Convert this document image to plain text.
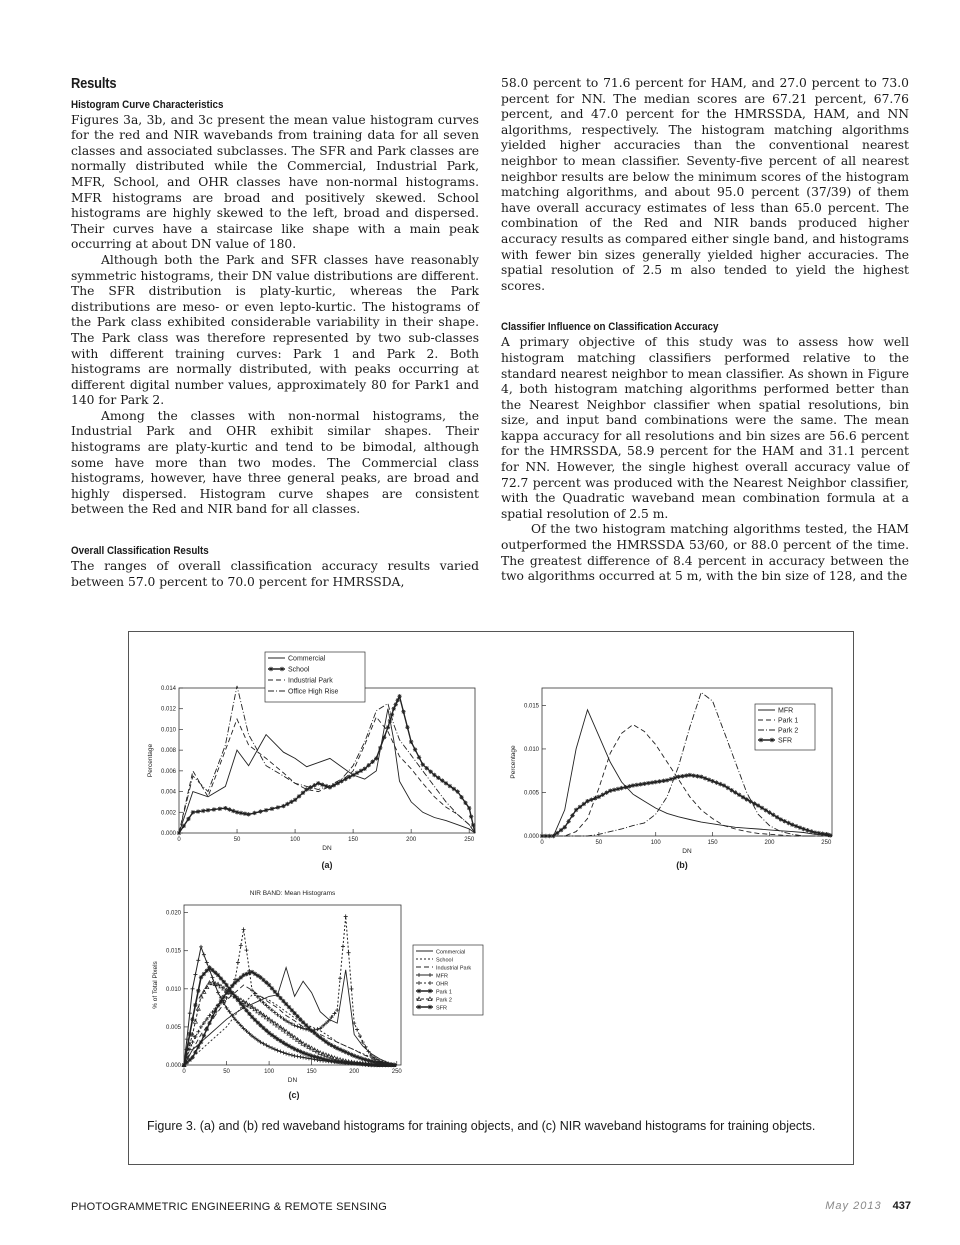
Results
Histogram Curve Characteristics

Figures 3a, 3b, and 3c present the mean value histogram curves for the red and NIR wavebands from training data for all seven classes and associated subclasses. The SFR and Park classes are normally distributed while the Commercial, Industrial Park, MFR, School, and OHR classes have non-normal histograms. MFR histograms are broad and positively skewed. School histograms are highly skewed to the left, broad and dispersed. Their curves have a staircase like shape with a main peak occurring at about DN value of 180.

Although both the Park and SFR classes have reasonably symmetric histograms, their DN value distributions are different. The SFR distribution is platy-kurtic, whereas the Park distributions are meso- or even lepto-kurtic. The histograms of the Park class exhibited considerable variability in their shape. The Park class was therefore represented by two sub-classes with different training curves: Park 1 and Park 2. Both histograms are normally distributed, with peaks occurring at different digital number values, approximately 80 for Park1 and 140 for Park 2.

Among the classes with non-normal histograms, the Industrial Park and OHR exhibit similar shapes. Their histograms are platy-kurtic and tend to be bimodal, although some have more than two modes. The Commercial class histograms, however, have three general peaks, are broad and highly dispersed. Histogram curve shapes are consistent between the Red and NIR band for all classes.

Overall Classification Results

The ranges of overall classification accuracy results varied between 57.0 percent to 70.0 percent for HMRSSDA,

58.0 percent to 71.6 percent for HAM, and 27.0 percent to 73.0 percent for NN. The median scores are 67.21 percent, 67.76 percent, and 47.0 percent for the HMRSSDA, HAM, and NN algorithms, respectively. The histogram matching algorithms yielded higher accuracies than the conventional nearest neighbor to mean classifier. Seventy-five percent of all nearest neighbor results are below the minimum scores of the histogram matching algorithms, and about 95.0 percent (37/39) of them have overall accuracy estimates of less than 65.0 percent. The combination of the Red and NIR bands produced higher accuracy results as compared either single band, and histograms with fewer bin sizes generally yielded higher accuracies. The spatial resolution of 2.5 m also tended to yield the highest scores.

Classifier Influence on Classification Accuracy

A primary objective of this study was to assess how well histogram matching classifiers performed relative to the standard nearest neighbor to mean classifier. As shown in Figure 4, both histogram matching algorithms performed better than the Nearest Neighbor classifier when spatial resolutions, bin size, and input band combinations were the same. The mean kappa accuracy for all resolutions and bin sizes are 56.6 percent for the HMRSSDA, 58.9 percent for the HAM and 31.1 percent for NN. However, the single highest overall accuracy value of 72.7 percent was produced with the Nearest Neighbor classifier, with the Quadratic waveband mean combination formula at a spatial resolution of 2.5 m.

Of the two histogram matching algorithms tested, the HAM outperformed the HMRSSDA 53/60, or 88.0 percent of the time. The greatest difference of 8.4 percent in accuracy between the two algorithms occurred at 5 m, with the bin size of 128, and the

0	50	100	150	200	250
0.000
0.002
0.004
0.006
0.008
0.010
0.012
0.014
DN
Percentage
Commercial
School
Industrial Park
Office High Rise
(a)
0	50	100	150	200	250
0.000
0.005
0.010
0.015
DN
Percentage
MFR
Park 1
Park 2
SFR
(b)
NIR BAND: Mean Histograms
0	50	100	150	200	250
0.000
0.005
0.010
0.015
0.020
DN
% of Total Pixels
Commercial
School
Industrial Park
MFR
OHR
Park 1
Park 2
SFR
(c)
Figure 3. (a) and (b) red waveband histograms for training objects, and (c) NIR waveband histograms for training objects.
PHOTOGRAMMETRIC ENGINEERING & REMOTE SENSING	May 2013 437
